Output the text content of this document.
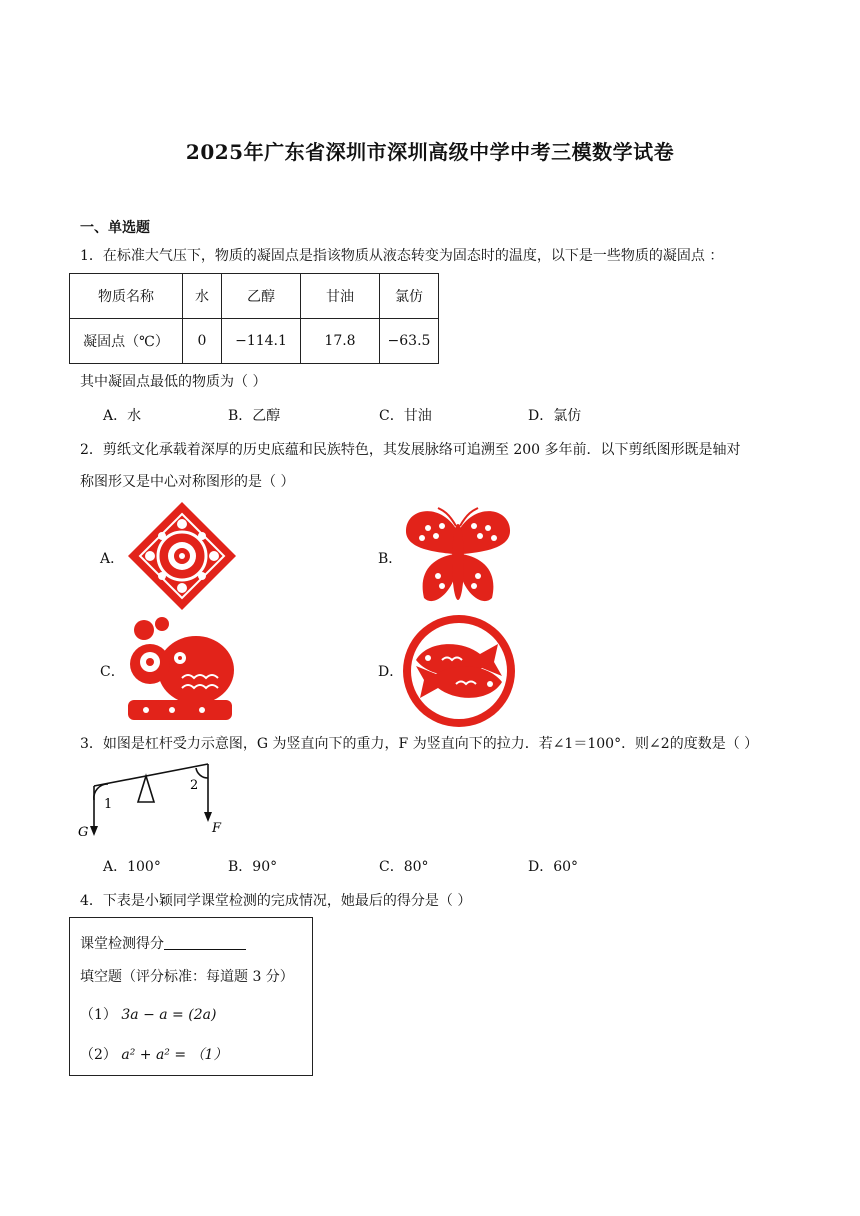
2025年广东省深圳市深圳高级中学中考三模数学试卷
一、单选题
1．在标准大气压下，物质的凝固点是指该物质从液态转变为固态时的温度，以下是一些物质的凝固点 ：
物质名称	水	乙醇	甘油	氯仿
凝固点（℃）	0	−114.1	17.8	−63.5
其中凝固点最低的物质为（ ）
A．水	B．乙醇	C．甘油	D．氯仿
2．剪纸文化承载着深厚的历史底蕴和民族特色，其发展脉络可追溯至 200 多年前．以下剪纸图形既是轴对
称图形又是中心对称图形的是（ ）
A．	B．
C．	D．
3．如图是杠杆受力示意图，G 为竖直向下的重力，F 为竖直向下的拉力．若∠1＝100°．则∠2的度数是（ ）
1
2
G	F
A．100°	B．90°	C．80°	D．60°
4．下表是小颖同学课堂检测的完成情况，她最后的得分是（ ）
课堂检测得分
填空题（评分标准：每道题 3 分）
（1） 3a − a = (2a)
（2） a² + a² = （1）
